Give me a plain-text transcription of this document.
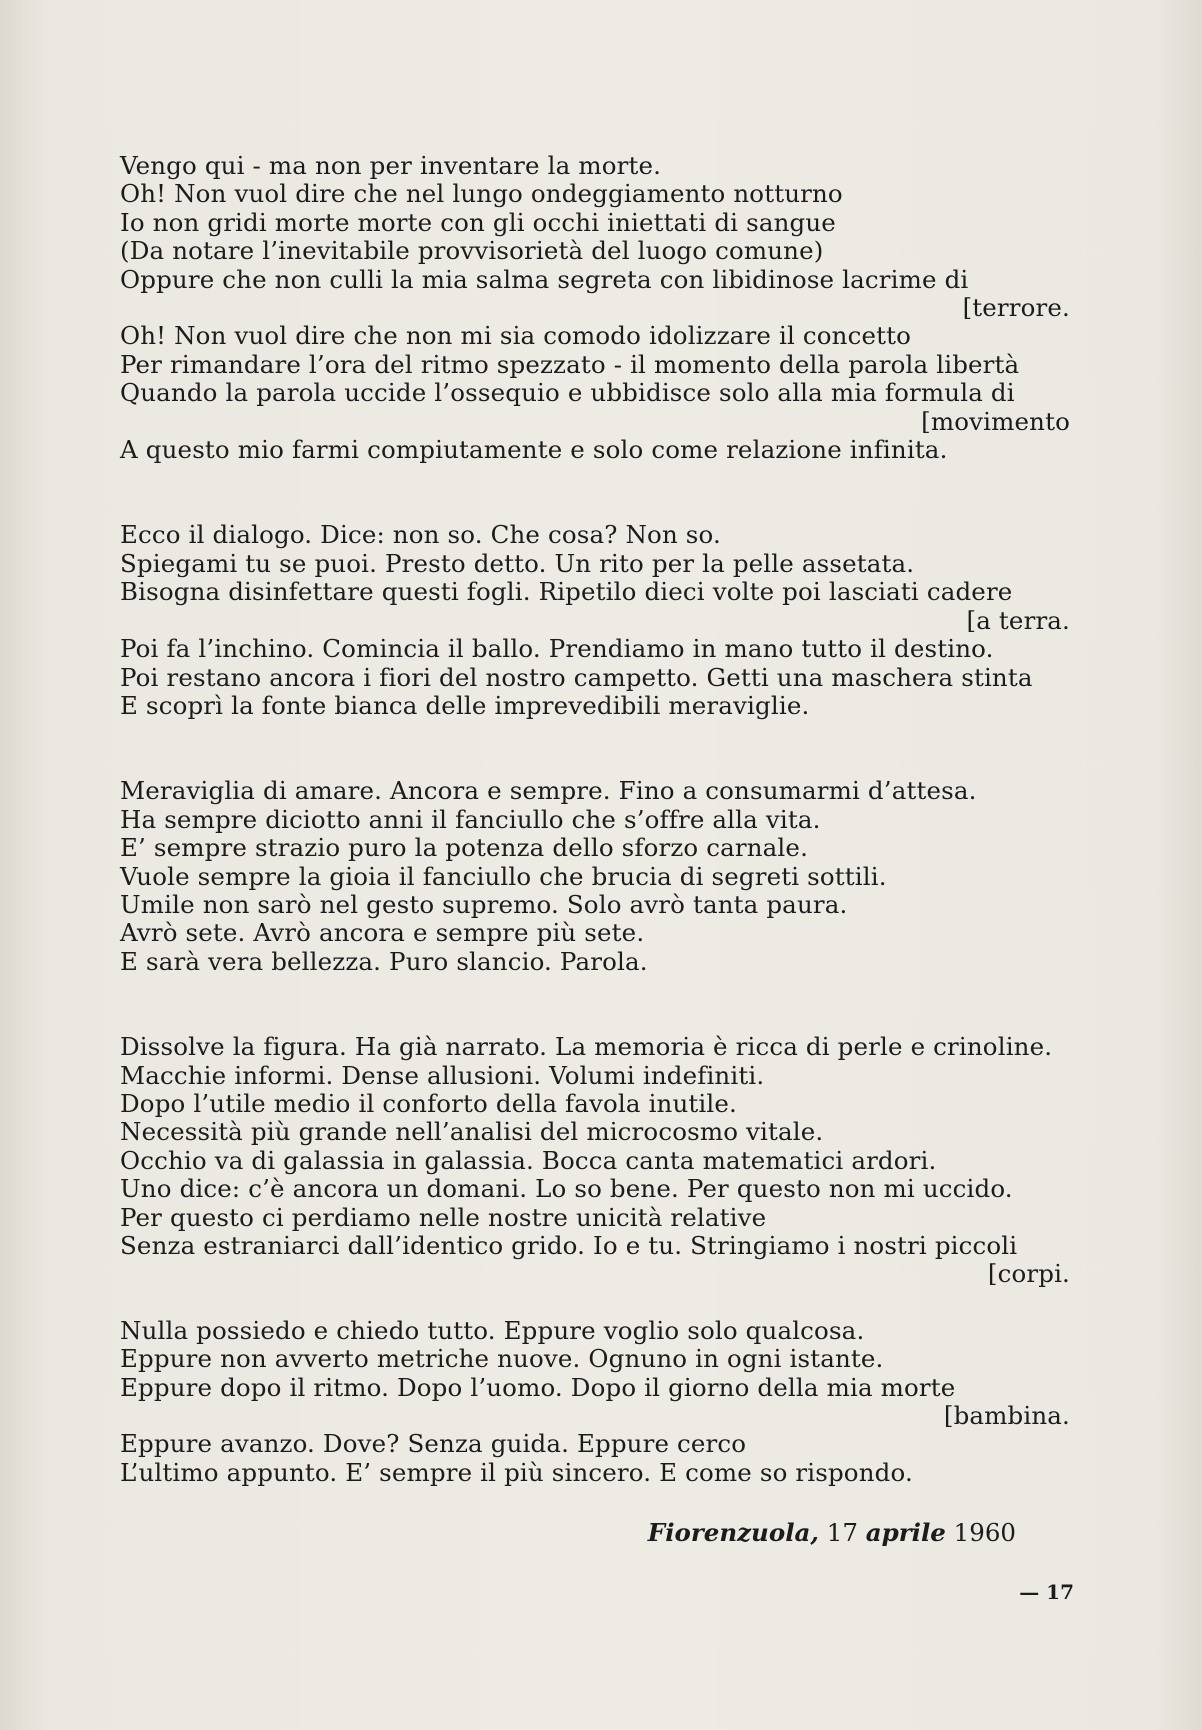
Vengo qui - ma non per inventare la morte.
Oh! Non vuol dire che nel lungo ondeggiamento notturno
Io non gridi morte morte con gli occhi iniettati di sangue
(Da notare l’inevitabile provvisorietà del luogo comune)
Oppure che non culli la mia salma segreta con libidinose lacrime di
[terrore.
Oh! Non vuol dire che non mi sia comodo idolizzare il concetto
Per rimandare l’ora del ritmo spezzato - il momento della parola libertà
Quando la parola uccide l’ossequio e ubbidisce solo alla mia formula di
[movimento
A questo mio farmi compiutamente e solo come relazione infinita.
Ecco il dialogo. Dice: non so. Che cosa? Non so.
Spiegami tu se puoi. Presto detto. Un rito per la pelle assetata.
Bisogna disinfettare questi fogli. Ripetilo dieci volte poi lasciati cadere
[a terra.
Poi fa l’inchino. Comincia il ballo. Prendiamo in mano tutto il destino.
Poi restano ancora i fiori del nostro campetto. Getti una maschera stinta
E scoprì la fonte bianca delle imprevedibili meraviglie.
Meraviglia di amare. Ancora e sempre. Fino a consumarmi d’attesa.
Ha sempre diciotto anni il fanciullo che s’offre alla vita.
E’ sempre strazio puro la potenza dello sforzo carnale.
Vuole sempre la gioia il fanciullo che brucia di segreti sottili.
Umile non sarò nel gesto supremo. Solo avrò tanta paura.
Avrò sete. Avrò ancora e sempre più sete.
E sarà vera bellezza. Puro slancio. Parola.
Dissolve la figura. Ha già narrato. La memoria è ricca di perle e crinoline.
Macchie informi. Dense allusioni. Volumi indefiniti.
Dopo l’utile medio il conforto della favola inutile.
Necessità più grande nell’analisi del microcosmo vitale.
Occhio va di galassia in galassia. Bocca canta matematici ardori.
Uno dice: c’è ancora un domani. Lo so bene. Per questo non mi uccido.
Per questo ci perdiamo nelle nostre unicità relative
Senza estraniarci dall’identico grido. Io e tu. Stringiamo i nostri piccoli
[corpi.
Nulla possiedo e chiedo tutto. Eppure voglio solo qualcosa.
Eppure non avverto metriche nuove. Ognuno in ogni istante.
Eppure dopo il ritmo. Dopo l’uomo. Dopo il giorno della mia morte
[bambina.
Eppure avanzo. Dove? Senza guida. Eppure cerco
L’ultimo appunto. E’ sempre il più sincero. E come so rispondo.
Fiorenzuola, 17 aprile 1960
— 17
